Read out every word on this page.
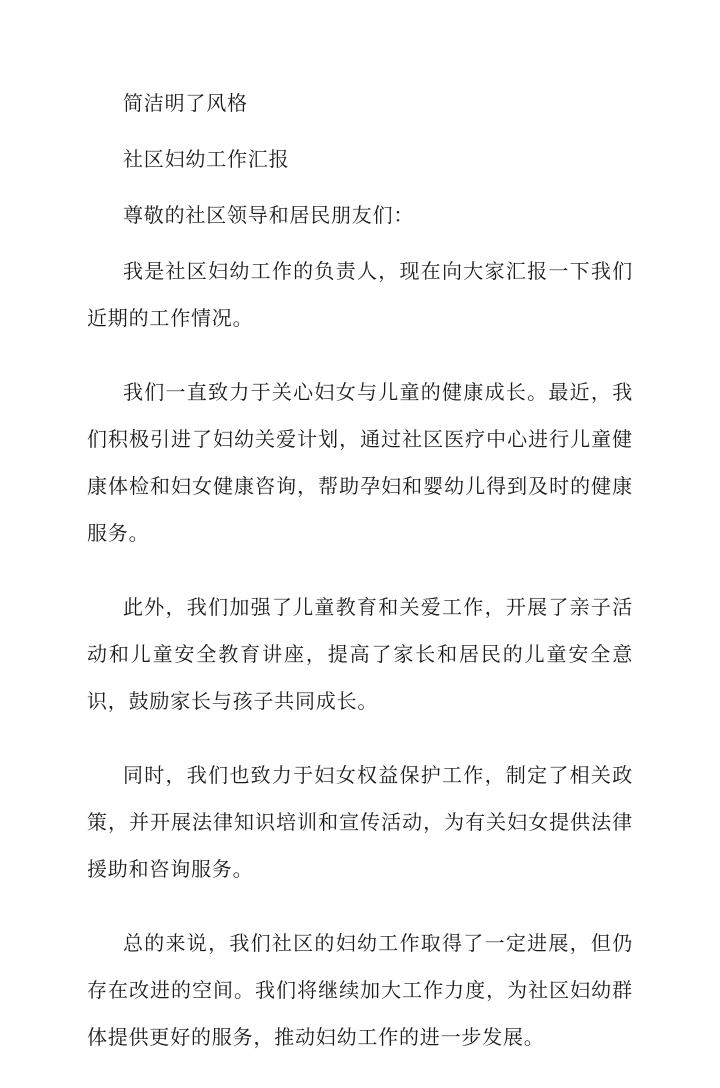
简洁明了风格

社区妇幼工作汇报

尊敬的社区领导和居民朋友们：

我是社区妇幼工作的负责人，现在向大家汇报一下我们近期的工作情况。

我们一直致力于关心妇女与儿童的健康成长。最近，我们积极引进了妇幼关爱计划，通过社区医疗中心进行儿童健康体检和妇女健康咨询，帮助孕妇和婴幼儿得到及时的健康服务。

此外，我们加强了儿童教育和关爱工作，开展了亲子活动和儿童安全教育讲座，提高了家长和居民的儿童安全意识，鼓励家长与孩子共同成长。

同时，我们也致力于妇女权益保护工作，制定了相关政策，并开展法律知识培训和宣传活动，为有关妇女提供法律援助和咨询服务。

总的来说，我们社区的妇幼工作取得了一定进展，但仍存在改进的空间。我们将继续加大工作力度，为社区妇幼群体提供更好的服务，推动妇幼工作的进一步发展。
